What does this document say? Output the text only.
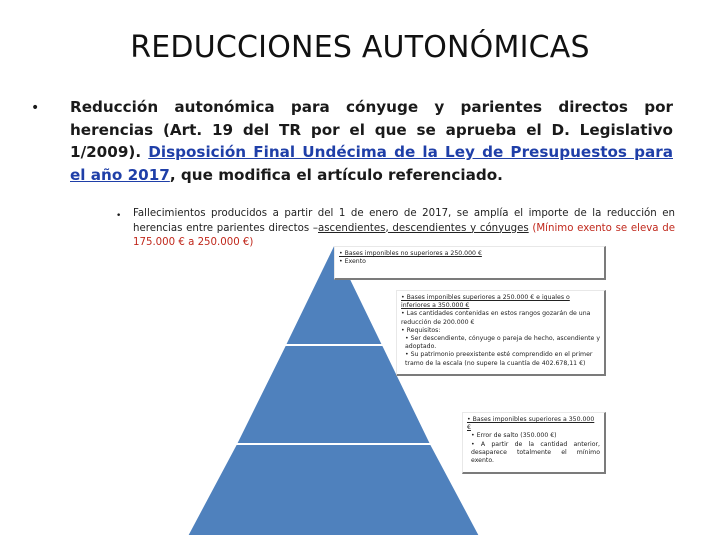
REDUCCIONES AUTONÓMICAS
• Reducción autonómica para cónyuge y parientes directos por herencias (Art. 19 del TR por el que se aprueba el D. Legislativo 1/2009). Disposición Final Undécima de la Ley de Presupuestos para el año 2017, que modifica el artículo referenciado.
• Fallecimientos producidos a partir del 1 de enero de 2017, se amplía el importe de la reducción en herencias entre parientes directos –ascendientes, descendientes y cónyuges (Mínimo exento se eleva de 175.000 € a 250.000 €)
• Bases imponibles no superiores a 250.000 €
• Exento
• Bases imponibles superiores a 250.000 € e iguales o inferiores a 350.000 €
• Las cantidades contenidas en estos rangos gozarán de una reducción de 200.000 €
• Requisitos:
• Ser descendiente, cónyuge o pareja de hecho, ascendiente y adoptado.
• Su patrimonio preexistente esté comprendido en el primer tramo de la escala (no supere la cuantía de 402.678,11 €)
• Bases imponibles superiores a 350.000 €
• Error de salto (350.000 €)
• A partir de la cantidad anterior, desaparece totalmente el mínimo exento.
